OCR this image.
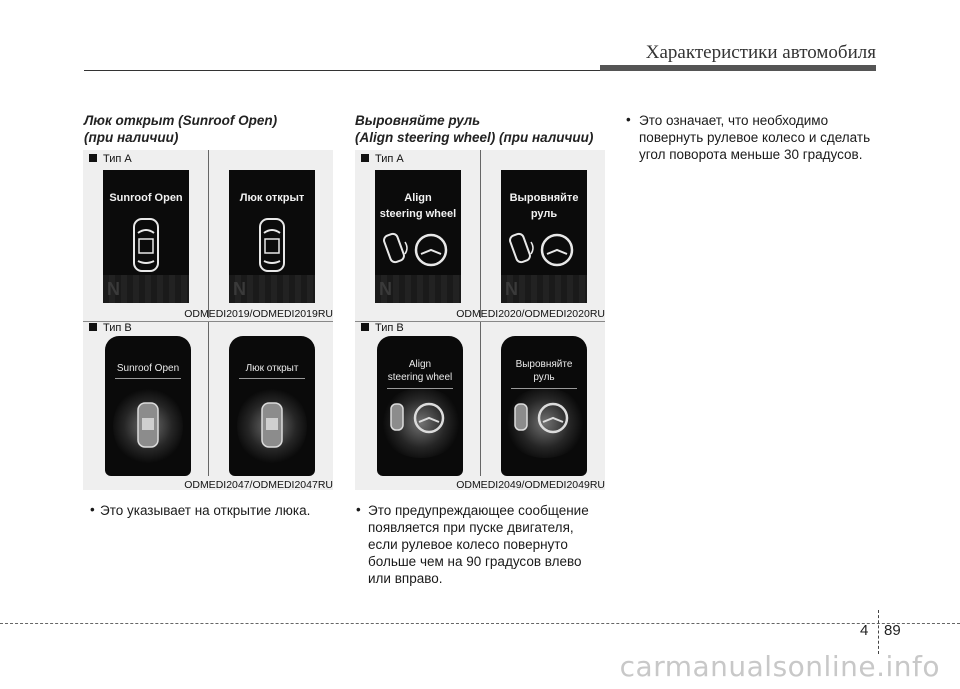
Характеристики автомобиля
Люк открыт (Sunroof Open)
(при наличии)
Тип A
Sunroof Open
N
Люк открыт
N
ODMEDI2019/ODMEDI2019RU
Тип B
Sunroof Open	Люк открыт
ODMEDI2047/ODMEDI2047RU
• Это указывает на открытие люка.
Выровняйте руль
(Align steering wheel) (при наличии)
Тип A
Align
steering wheel
N
Выровняйте
руль
N
ODMEDI2020/ODMEDI2020RU
Тип B
Align
steering wheel
Выровняйте
руль
ODMEDI2049/ODMEDI2049RU
• Это предупреждающее сообщение
появляется при пуске двигателя,
если рулевое колесо повернуто
больше чем на 90 градусов влево
или вправо.
• Это означает, что необходимо
повернуть рулевое колесо и сделать
угол поворота меньше 30 градусов.
4 89
carmanualsonline.info
